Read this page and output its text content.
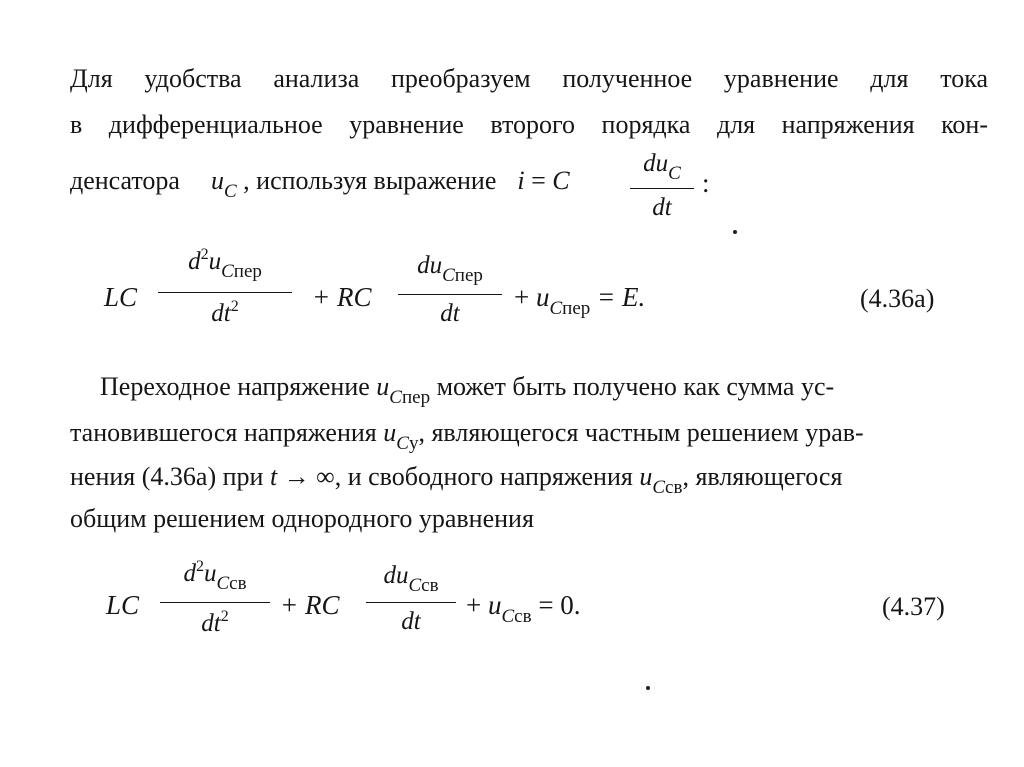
Для удобства анализа преобразуем полученное уравнение для тока
в дифференциальное уравнение второго порядка для напряжения кон-
денсатора $u_C$ , используя выражение i = C
$du_C$
dt
:
LC
$d^2u_{Cпер}$
$dt^2$	+ RC
$du_{Cпер}$
dt
+ $u_{Cпер} = E$.	(4.36а)
Переходное напряжение $u_{Cпер}$ может быть получено как сумма ус-
тановившегося напряжения $u_{Cу}$, являющегося частным решением урав-
нения (4.36а) при t → ∞, и свободного напряжения $u_{Cсв}$, являющегося
общим решением однородного уравнения
LC
$d^2u_{Cсв}$
$dt^2$	+ RC
$du_{Cсв}$
dt
+ $u_{Cсв} = 0$.	(4.37)
